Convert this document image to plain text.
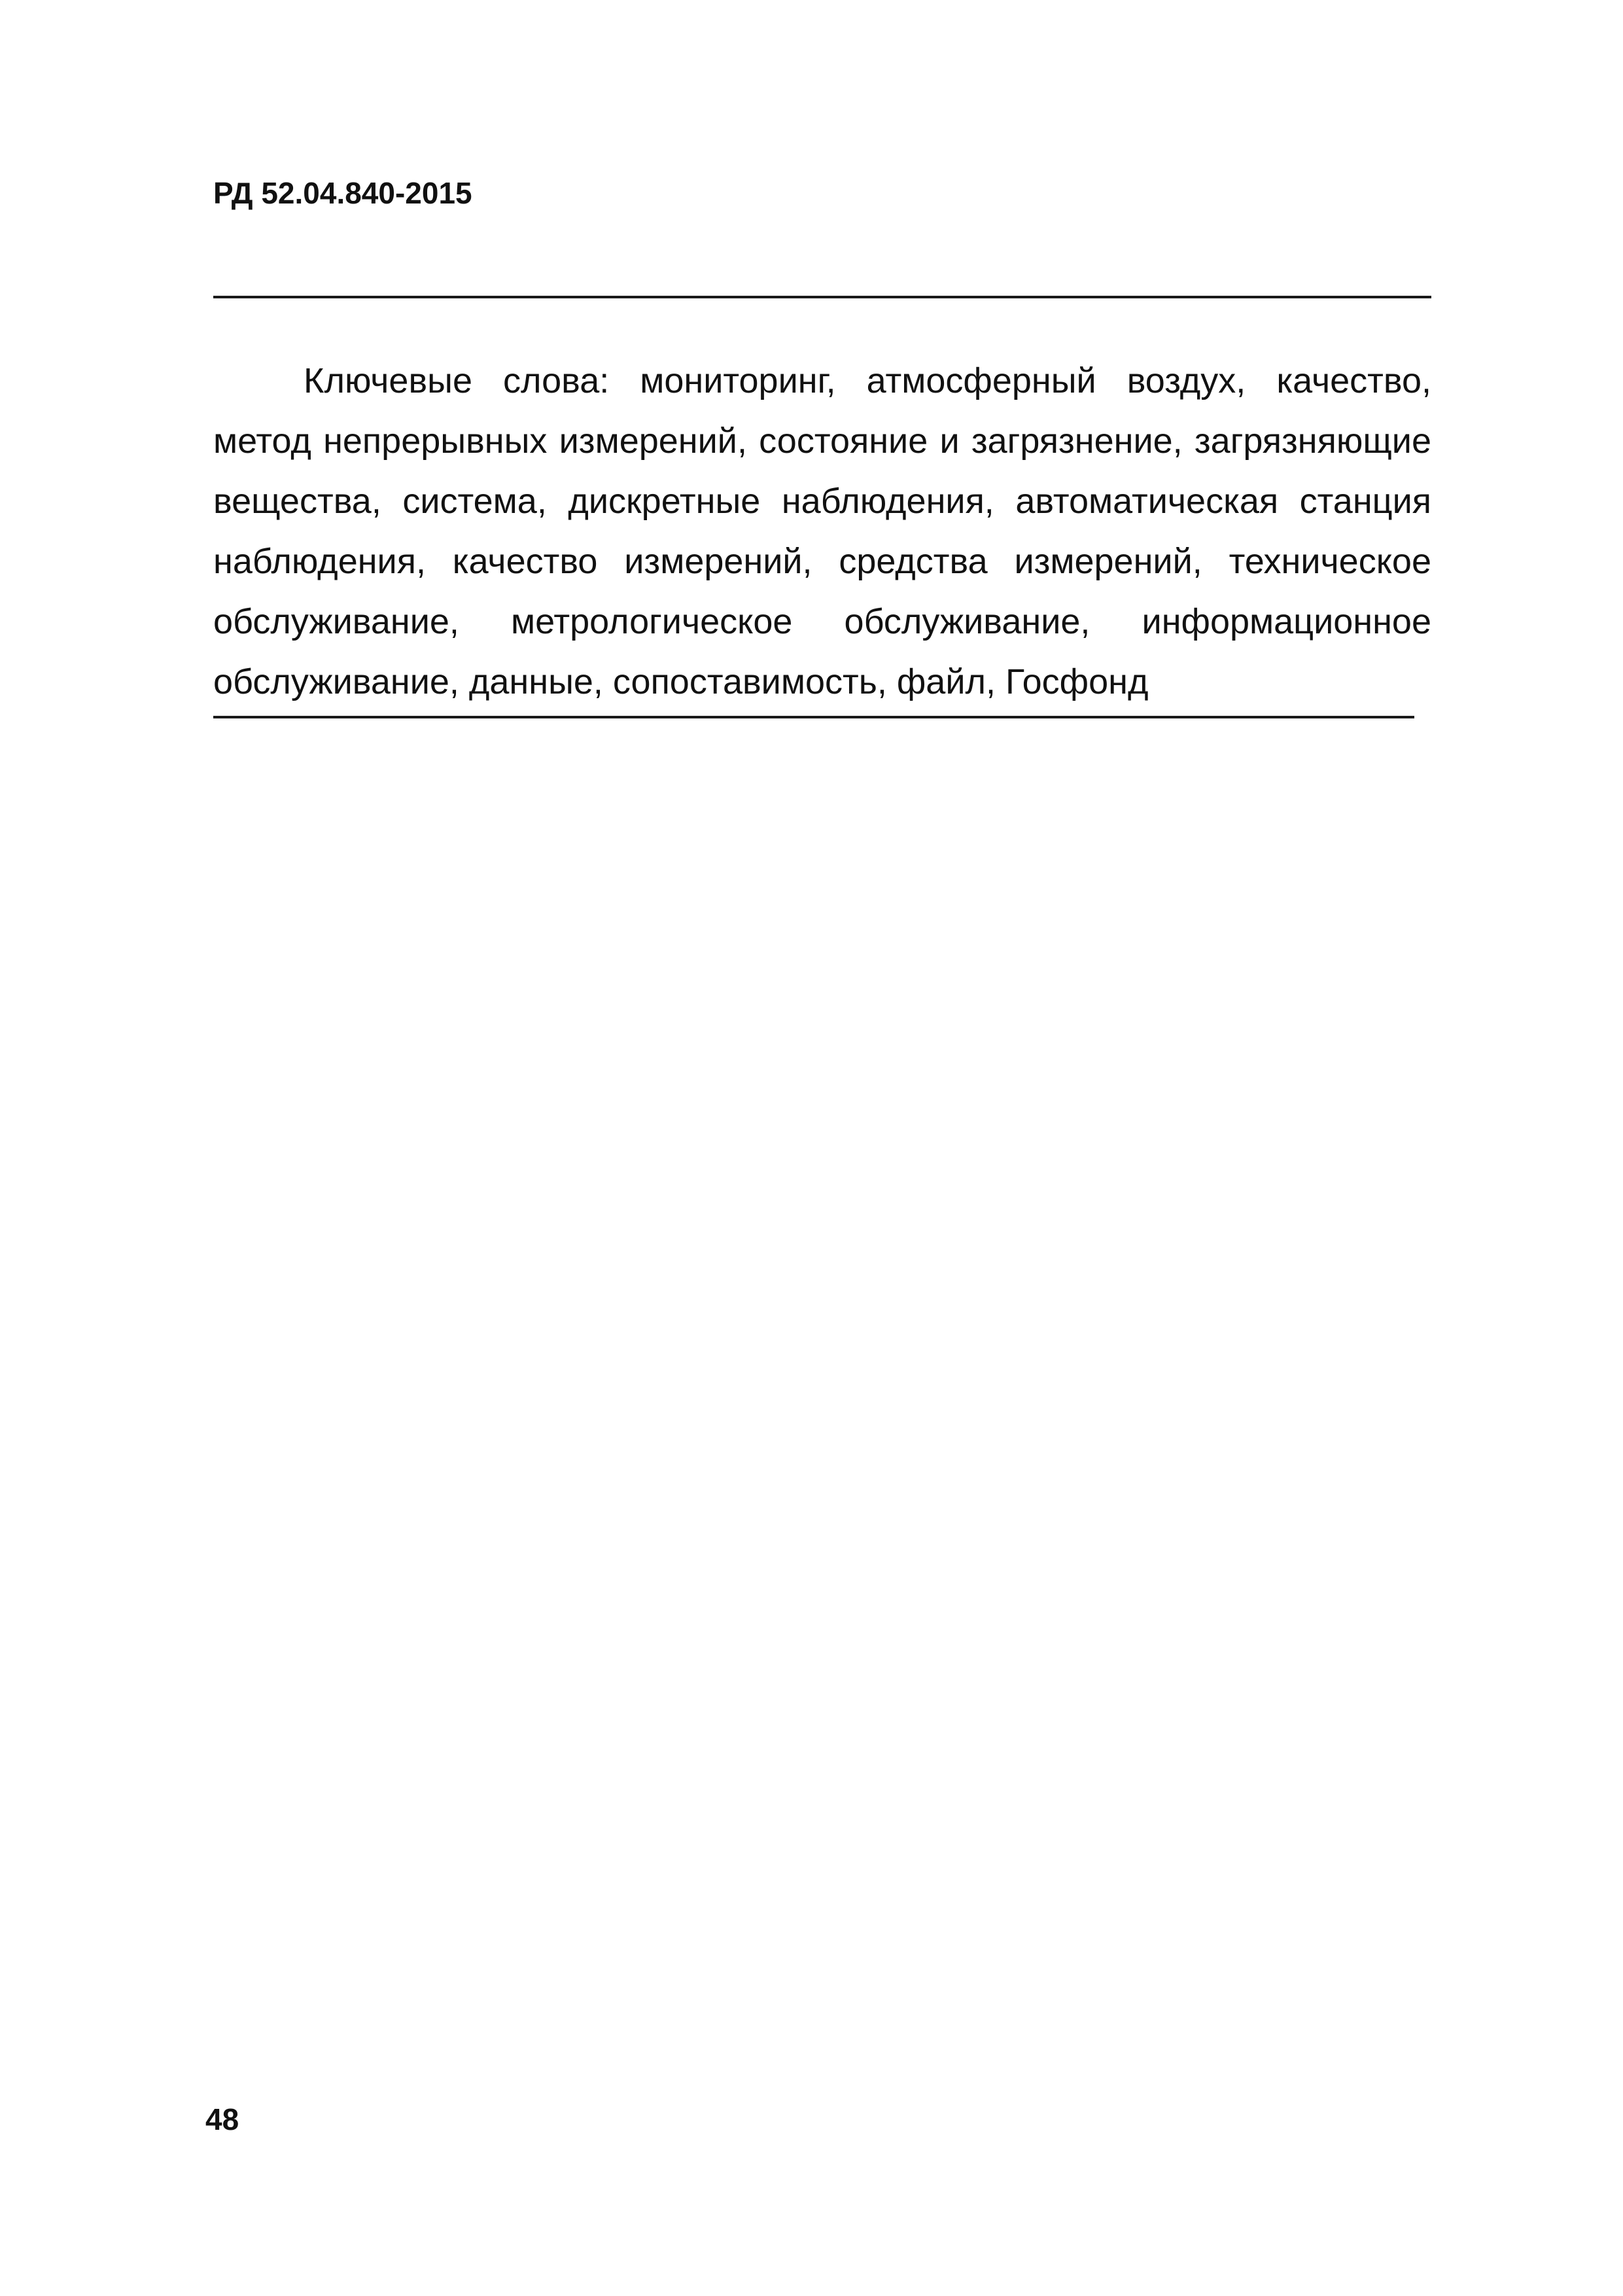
РД 52.04.840-2015

Ключевые слова: мониторинг, атмосферный воздух, качество, метод непрерывных измерений, состояние и загрязнение, загрязняющие вещества, система, дискретные наблюдения, автоматическая станция наблюдения, качество измерений, средства измерений, техническое обслуживание, метрологическое обслуживание, информационное обслуживание, данные, сопоставимость, файл, Госфонд

48
